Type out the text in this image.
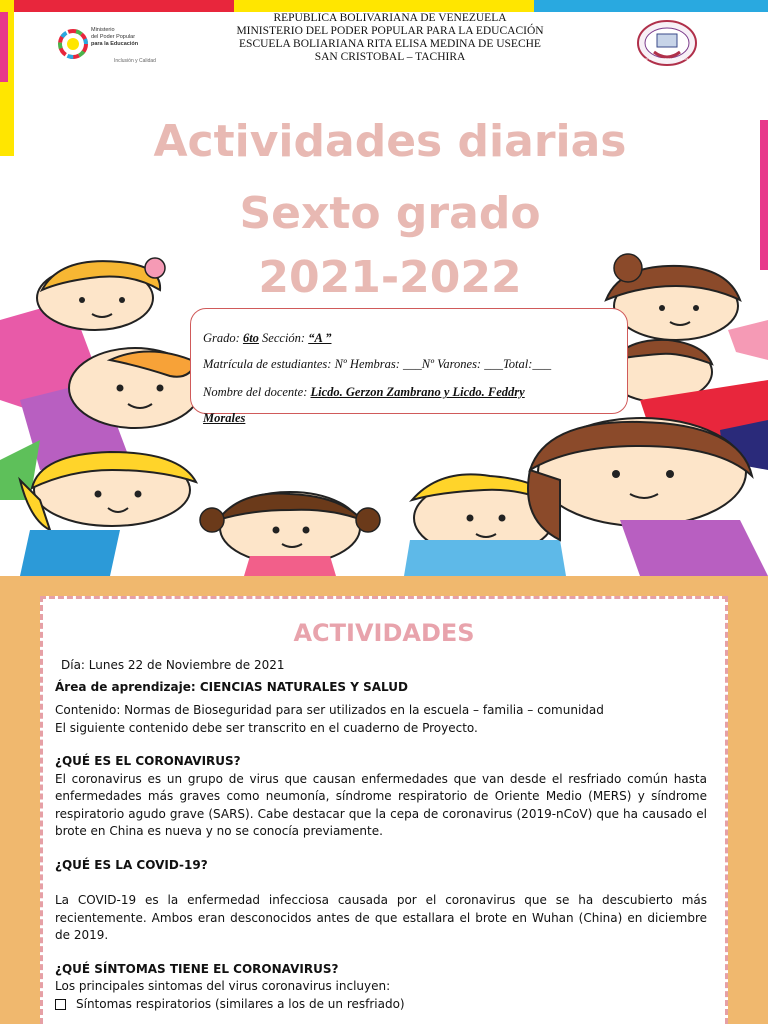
Ministerio
del Poder Popular
para la Educación
Inclusión y Calidad
REPUBLICA BOLIVARIANA DE VENEZUELA
MINISTERIO DEL PODER POPULAR PARA LA EDUCACIÓN
ESCUELA BOLIARIANA RITA ELISA MEDINA DE USECHE
SAN CRISTOBAL – TACHIRA	RITA ELISA MEDINA DE USECHE
Actividades diarias
Sexto grado
2021-2022
Grado: 6to Sección: “A ”
Matrícula de estudiantes: Nº Hembras: ___Nº Varones: ___Total:___
Nombre del docente: Licdo. Gerzon Zambrano y Licdo. Feddry
Morales
ACTIVIDADES
Día: Lunes 22 de Noviembre de 2021
Área de aprendizaje: CIENCIAS NATURALES Y SALUD
Contenido: Normas de Bioseguridad para ser utilizados en la escuela – familia – comunidad
El siguiente contenido debe ser transcrito en el cuaderno de Proyecto.
¿QUÉ ES EL CORONAVIRUS?
El coronavirus es un grupo de virus que causan enfermedades que van desde el resfriado común hasta enfermedades más graves como neumonía, síndrome respiratorio de Oriente Medio (MERS) y síndrome respiratorio agudo grave (SARS). Cabe destacar que la cepa de coronavirus (2019-nCoV) que ha causado el brote en China es nueva y no se conocía previamente.
¿QUÉ ES LA COVID-19?
La COVID-19 es la enfermedad infecciosa causada por el coronavirus que se ha descubierto más recientemente. Ambos eran desconocidos antes de que estallara el brote en Wuhan (China) en diciembre de 2019.
¿QUÉ SÍNTOMAS TIENE EL CORONAVIRUS?
Los principales sintomas del virus coronavirus incluyen:
Síntomas respiratorios (similares a los de un resfriado)
